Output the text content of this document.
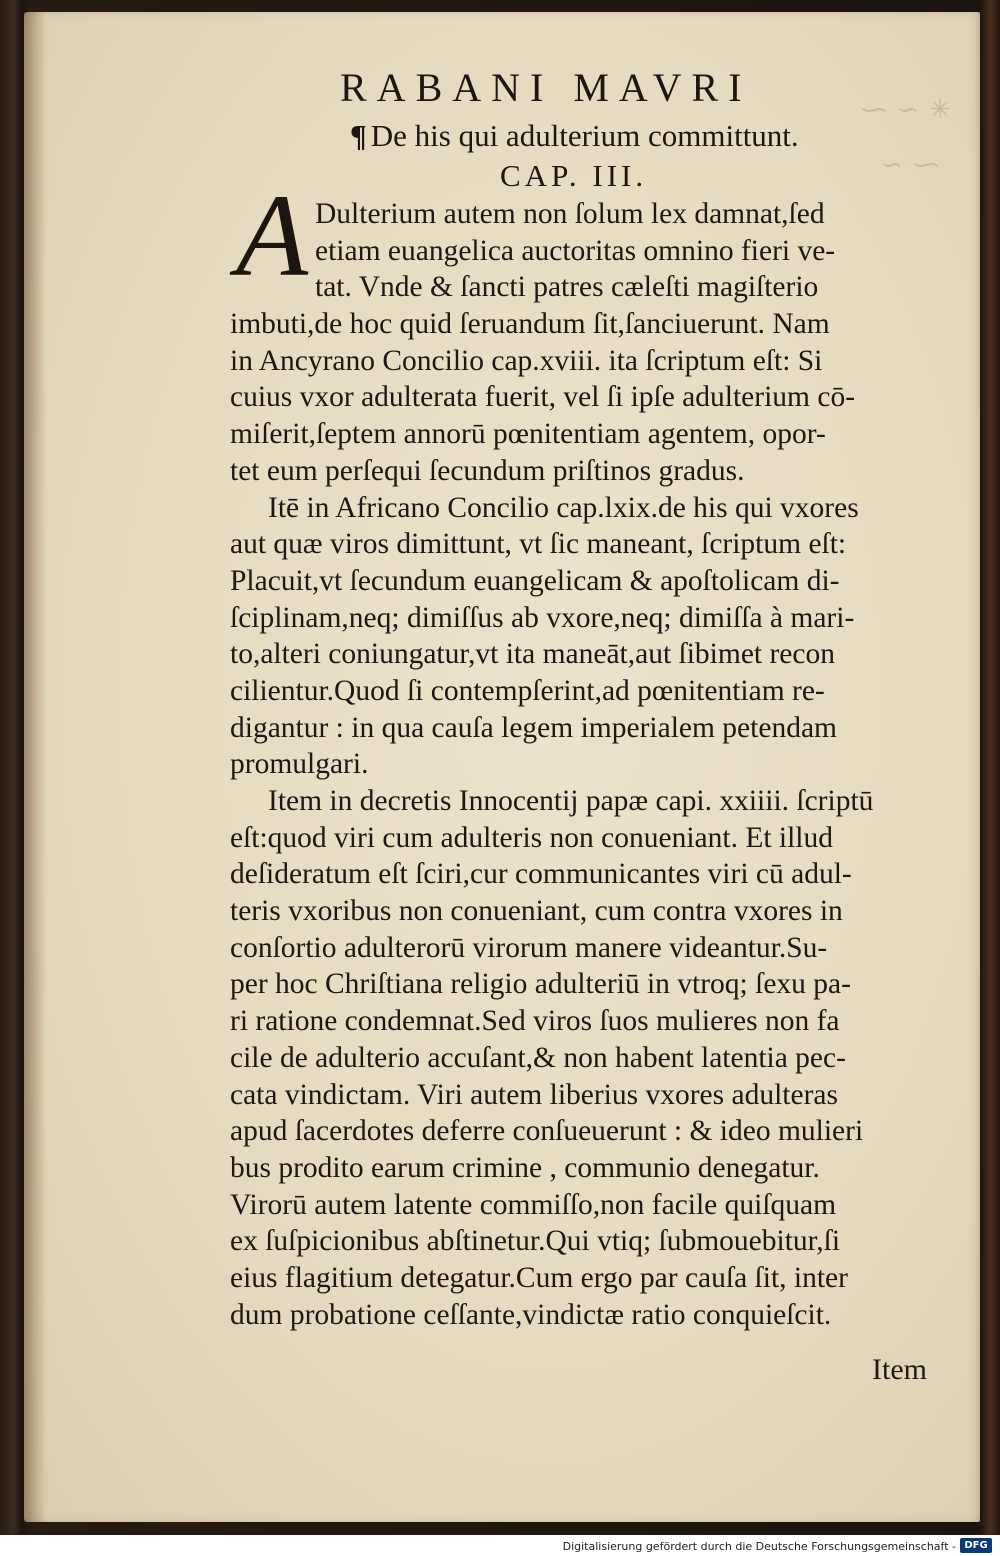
✳ ~ ⁓
⁓ ~
RABANI MAVRI
¶ De his qui adulterium committunt.
CAP. III.
A Dulterium autem non ſolum lex damnat,ſed
etiam euangelica auctoritas omnino fieri ve-
tat. Vnde & ſancti patres cæleſti magiſterio
imbuti,de hoc quid ſeruandum ſit,ſanciuerunt. Nam
in Ancyrano Concilio cap.xviii. ita ſcriptum eſt: Si
cuius vxor adulterata fuerit, vel ſi ipſe adulterium cō-
miſerit,ſeptem annorū pœnitentiam agentem, opor-
tet eum perſequi ſecundum priſtinos gradus.
Itē in Africano Concilio cap.lxix.de his qui vxores
aut quæ viros dimittunt, vt ſic maneant, ſcriptum eſt:
Placuit,vt ſecundum euangelicam & apoſtolicam di-
ſciplinam,neq; dimiſſus ab vxore,neq; dimiſſa à mari-
to,alteri coniungatur,vt ita maneāt,aut ſibimet recon
cilientur.Quod ſi contempſerint,ad pœnitentiam re-
digantur : in qua cauſa legem imperialem petendam
promulgari.
Item in decretis Innocentij papæ capi. xxiiii. ſcriptū
eſt:quod viri cum adulteris non conueniant. Et illud
deſideratum eſt ſciri,cur communicantes viri cū adul-
teris vxoribus non conueniant, cum contra vxores in
conſortio adulterorū virorum manere videantur.Su-
per hoc Chriſtiana religio adulteriū in vtroq; ſexu pa-
ri ratione condemnat.Sed viros ſuos mulieres non fa
cile de adulterio accuſant,& non habent latentia pec-
cata vindictam. Viri autem liberius vxores adulteras
apud ſacerdotes deferre conſueuerunt : & ideo mulieri
bus prodito earum crimine , communio denegatur.
Virorū autem latente commiſſo,non facile quiſquam
ex ſuſpicionibus abſtinetur.Qui vtiq; ſubmouebitur,ſi
eius flagitium detegatur.Cum ergo par cauſa ſit, inter
dum probatione ceſſante,vindictæ ratio conquieſcit.
Item
Digitalisierung gefördert durch die Deutsche Forschungsgemeinschaft - DFG
